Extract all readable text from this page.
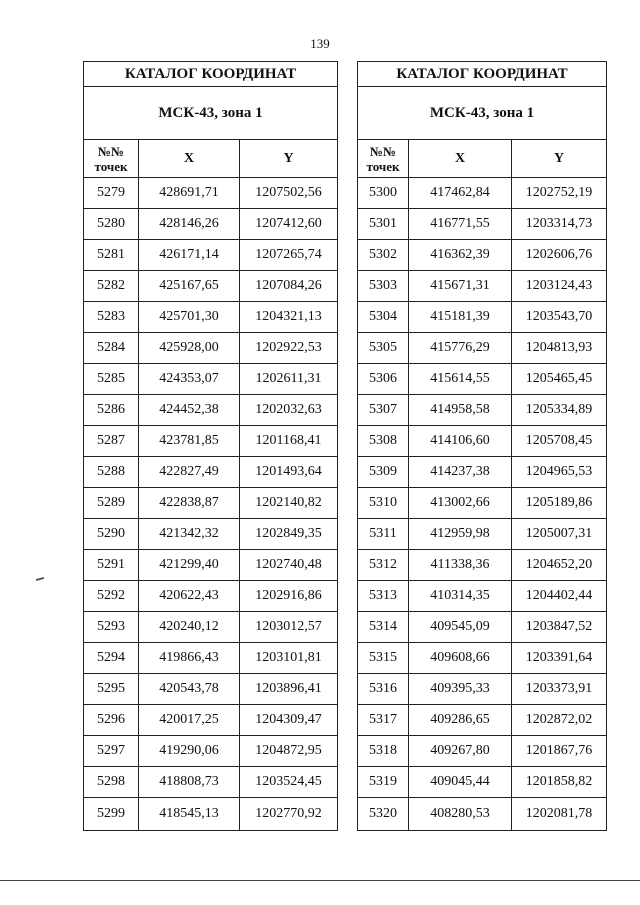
139
КАТАЛОГ КООРДИНАТ		
МСК-43, зона 1		
№№
точек	X	Y
5279	428691,71	1207502,56
5280	428146,26	1207412,60
5281	426171,14	1207265,74
5282	425167,65	1207084,26
5283	425701,30	1204321,13
5284	425928,00	1202922,53
5285	424353,07	1202611,31
5286	424452,38	1202032,63
5287	423781,85	1201168,41
5288	422827,49	1201493,64
5289	422838,87	1202140,82
5290	421342,32	1202849,35
5291	421299,40	1202740,48
5292	420622,43	1202916,86
5293	420240,12	1203012,57
5294	419866,43	1203101,81
5295	420543,78	1203896,41
5296	420017,25	1204309,47
5297	419290,06	1204872,95
5298	418808,73	1203524,45
5299	418545,13	1202770,92
КАТАЛОГ КООРДИНАТ		
МСК-43, зона 1		
№№
точек	X	Y
5300	417462,84	1202752,19
5301	416771,55	1203314,73
5302	416362,39	1202606,76
5303	415671,31	1203124,43
5304	415181,39	1203543,70
5305	415776,29	1204813,93
5306	415614,55	1205465,45
5307	414958,58	1205334,89
5308	414106,60	1205708,45
5309	414237,38	1204965,53
5310	413002,66	1205189,86
5311	412959,98	1205007,31
5312	411338,36	1204652,20
5313	410314,35	1204402,44
5314	409545,09	1203847,52
5315	409608,66	1203391,64
5316	409395,33	1203373,91
5317	409286,65	1202872,02
5318	409267,80	1201867,76
5319	409045,44	1201858,82
5320	408280,53	1202081,78
